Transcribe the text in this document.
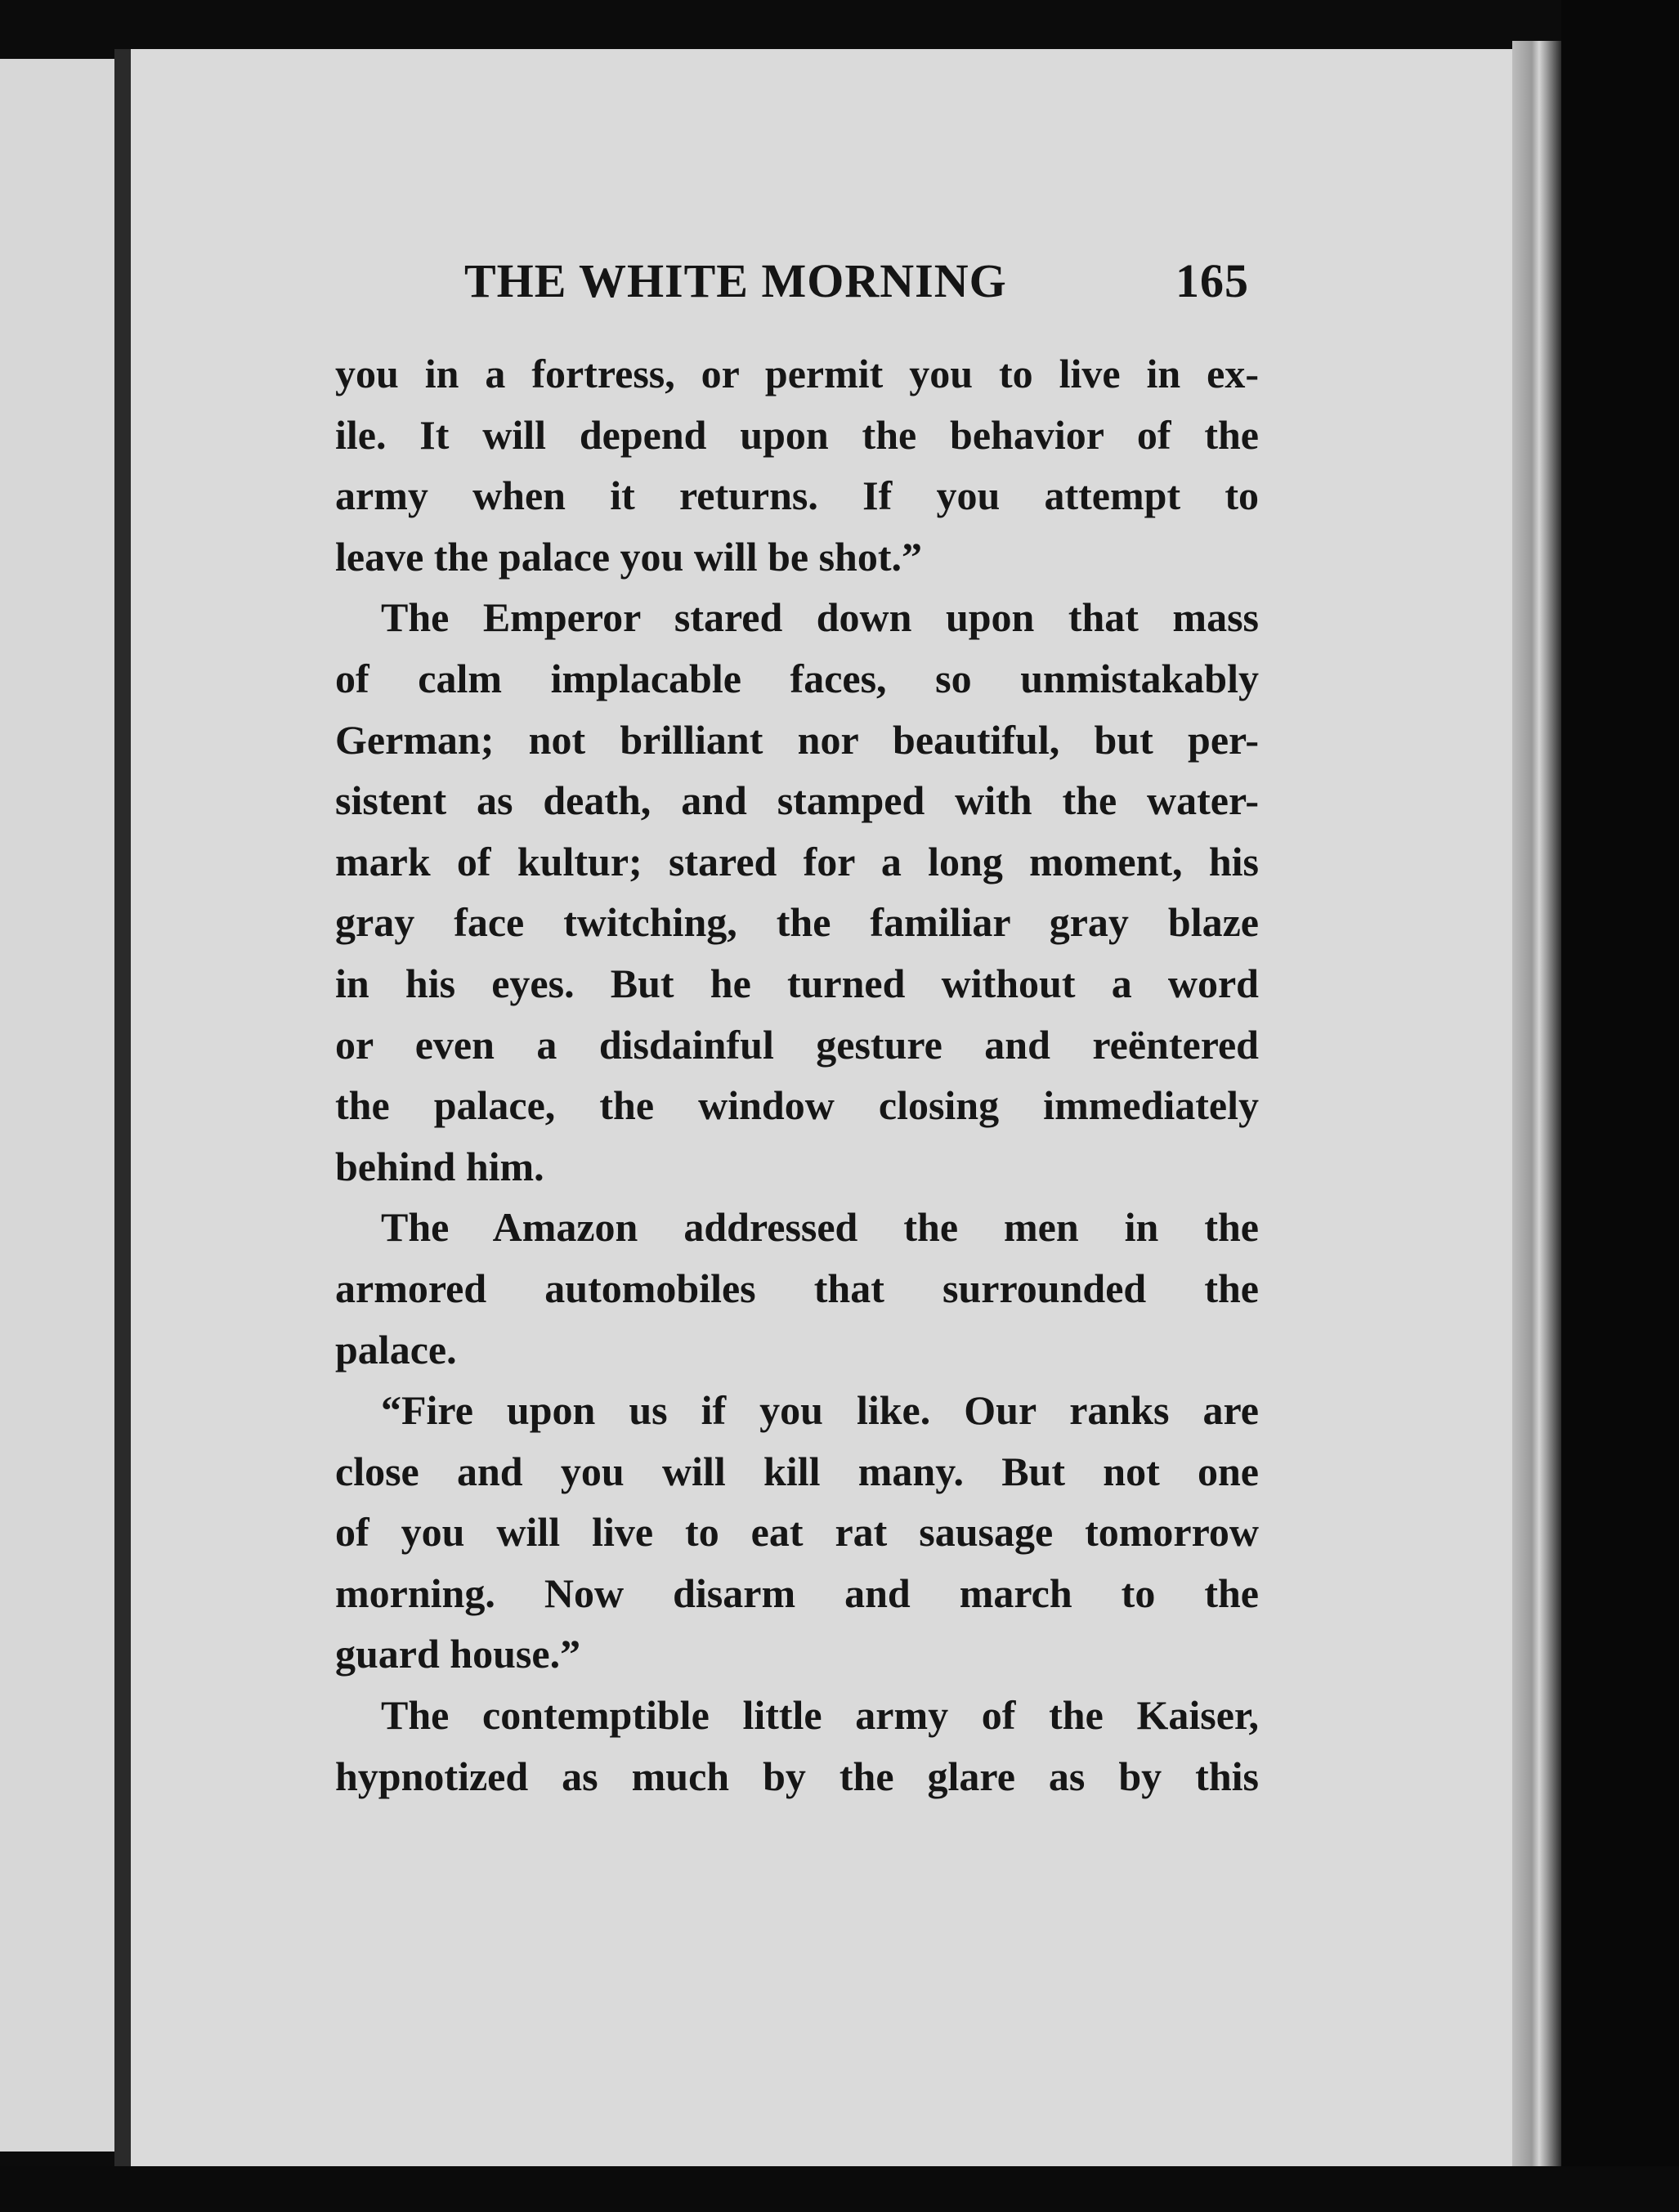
THE WHITE MORNING	165
you in a fortress, or permit you to live in ex-
ile. It will depend upon the behavior of the
army when it returns. If you attempt to
leave the palace you will be shot.”
The Emperor stared down upon that mass
of calm implacable faces, so unmistakably
German; not brilliant nor beautiful, but per-
sistent as death, and stamped with the water-
mark of kultur; stared for a long moment, his
gray face twitching, the familiar gray blaze
in his eyes. But he turned without a word
or even a disdainful gesture and reëntered
the palace, the window closing immediately
behind him.
The Amazon addressed the men in the
armored automobiles that surrounded the
palace.
“Fire upon us if you like. Our ranks are
close and you will kill many. But not one
of you will live to eat rat sausage tomorrow
morning. Now disarm and march to the
guard house.”
The contemptible little army of the Kaiser,
hypnotized as much by the glare as by this
